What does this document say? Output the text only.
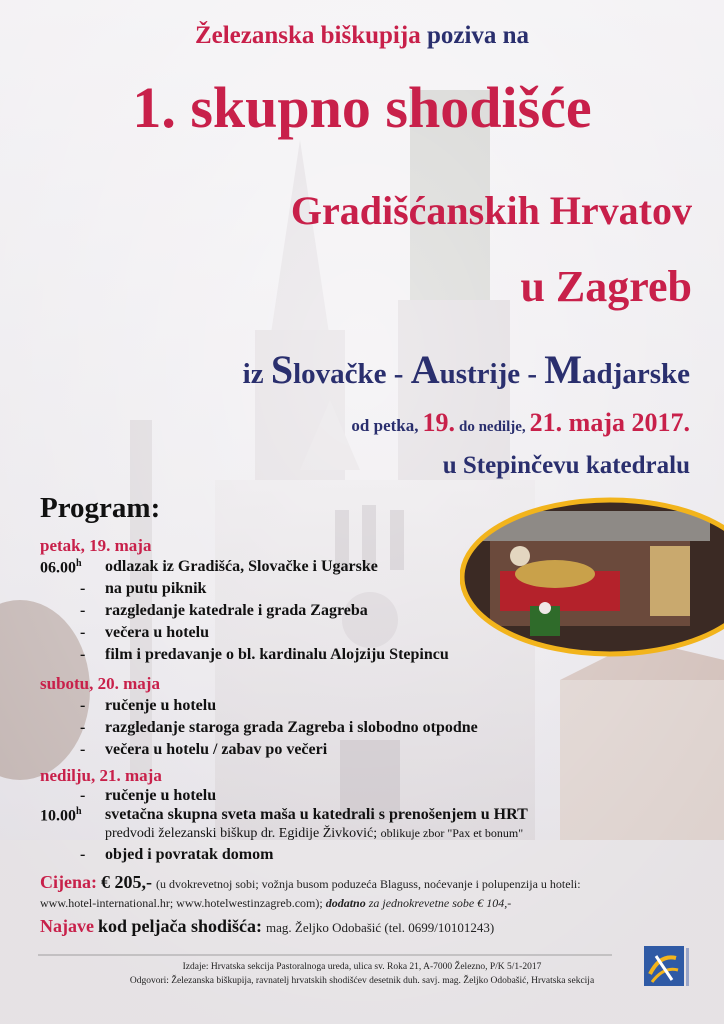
Železanska biškupija poziva na
1. skupno shodišće
Gradišćanskih Hrvatov
u Zagreb
iz Slovačke - Austrije - Madjarske
od petka, 19. do nedilje, 21. maja 2017.
u Stepinčevu katedralu
Program:
petak, 19. maja
06.00$^h$ odlazak iz Gradišća, Slovačke i Ugarske
- na putu piknik
- razgledanje katedrale i grada Zagreba
- večera u hotelu
- film i predavanje o bl. kardinalu Alojziju Stepincu
subotu, 20. maja
- ručenje u hotelu
- razgledanje staroga grada Zagreba i slobodno otpodne
- večera u hotelu / zabav po večeri
nedilju, 21. maja
- ručenje u hotelu
10.00$^h$ svetačna skupna sveta maša u katedrali s prenošenjem u HRT
predvodi železanski biškup dr. Egidije Živković; oblikuje zbor "Pax et bonum"
- objed i povratak domom
Cijena: € 205,- (u dvokrevetnoj sobi; vožnja busom poduzeća Blaguss, noćevanje i polupenzija u hoteli:
www.hotel-international.hr; www.hotelwestinzagreb.com); dodatno za jednokrevetne sobe € 104,-
Najave kod peljača shodišća: mag. Željko Odobašić (tel. 0699/10101243)
Izdaje: Hrvatska sekcija Pastoralnoga ureda, ulica sv. Roka 21, A-7000 Železno, P/K 5/1-2017
Odgovori: Železanska biškupija, ravnatelj hrvatskih shodišćev desetnik duh. savj. mag. Željko Odobašić, Hrvatska sekcija
